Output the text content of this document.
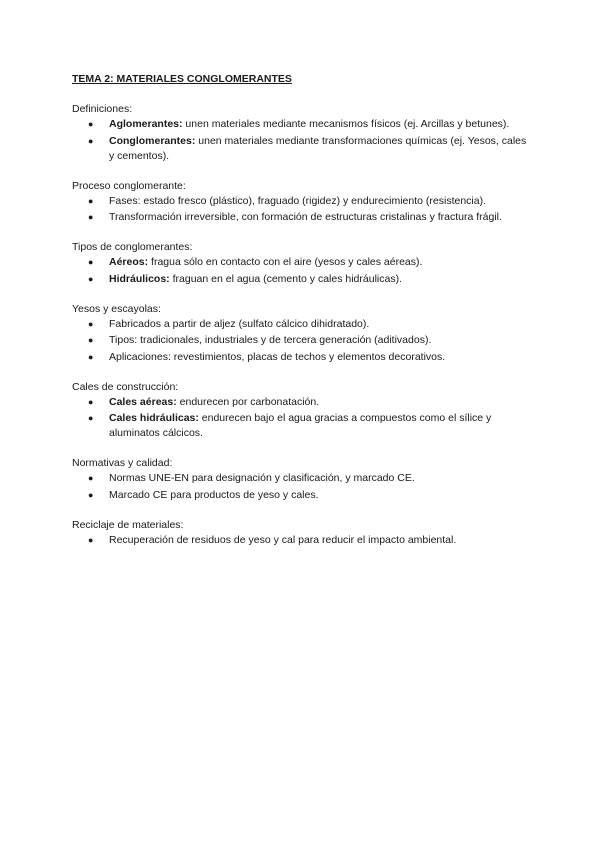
TEMA 2: MATERIALES CONGLOMERANTES
Definiciones:
● Aglomerantes: unen materiales mediante mecanismos físicos (ej. Arcillas y betunes).
● Conglomerantes: unen materiales mediante transformaciones químicas (ej. Yesos, cales y cementos).
Proceso conglomerante:
● Fases: estado fresco (plástico), fraguado (rigidez) y endurecimiento (resistencia).
● Transformación irreversible, con formación de estructuras cristalinas y fractura frágil.
Tipos de conglomerantes:
● Aéreos: fragua sólo en contacto con el aire (yesos y cales aéreas).
● Hidráulicos: fraguan en el agua (cemento y cales hidráulicas).
Yesos y escayolas:
● Fabricados a partir de aljez (sulfato cálcico dihidratado).
● Tipos: tradicionales, industriales y de tercera generación (aditivados).
● Aplicaciones: revestimientos, placas de techos y elementos decorativos.
Cales de construcción:
● Cales aéreas: endurecen por carbonatación.
● Cales hidráulicas: endurecen bajo el agua gracias a compuestos como el sílice y aluminatos cálcicos.
Normativas y calidad:
● Normas UNE-EN para designación y clasificación, y marcado CE.
● Marcado CE para productos de yeso y cales.
Reciclaje de materiales:
● Recuperación de residuos de yeso y cal para reducir el impacto ambiental.
